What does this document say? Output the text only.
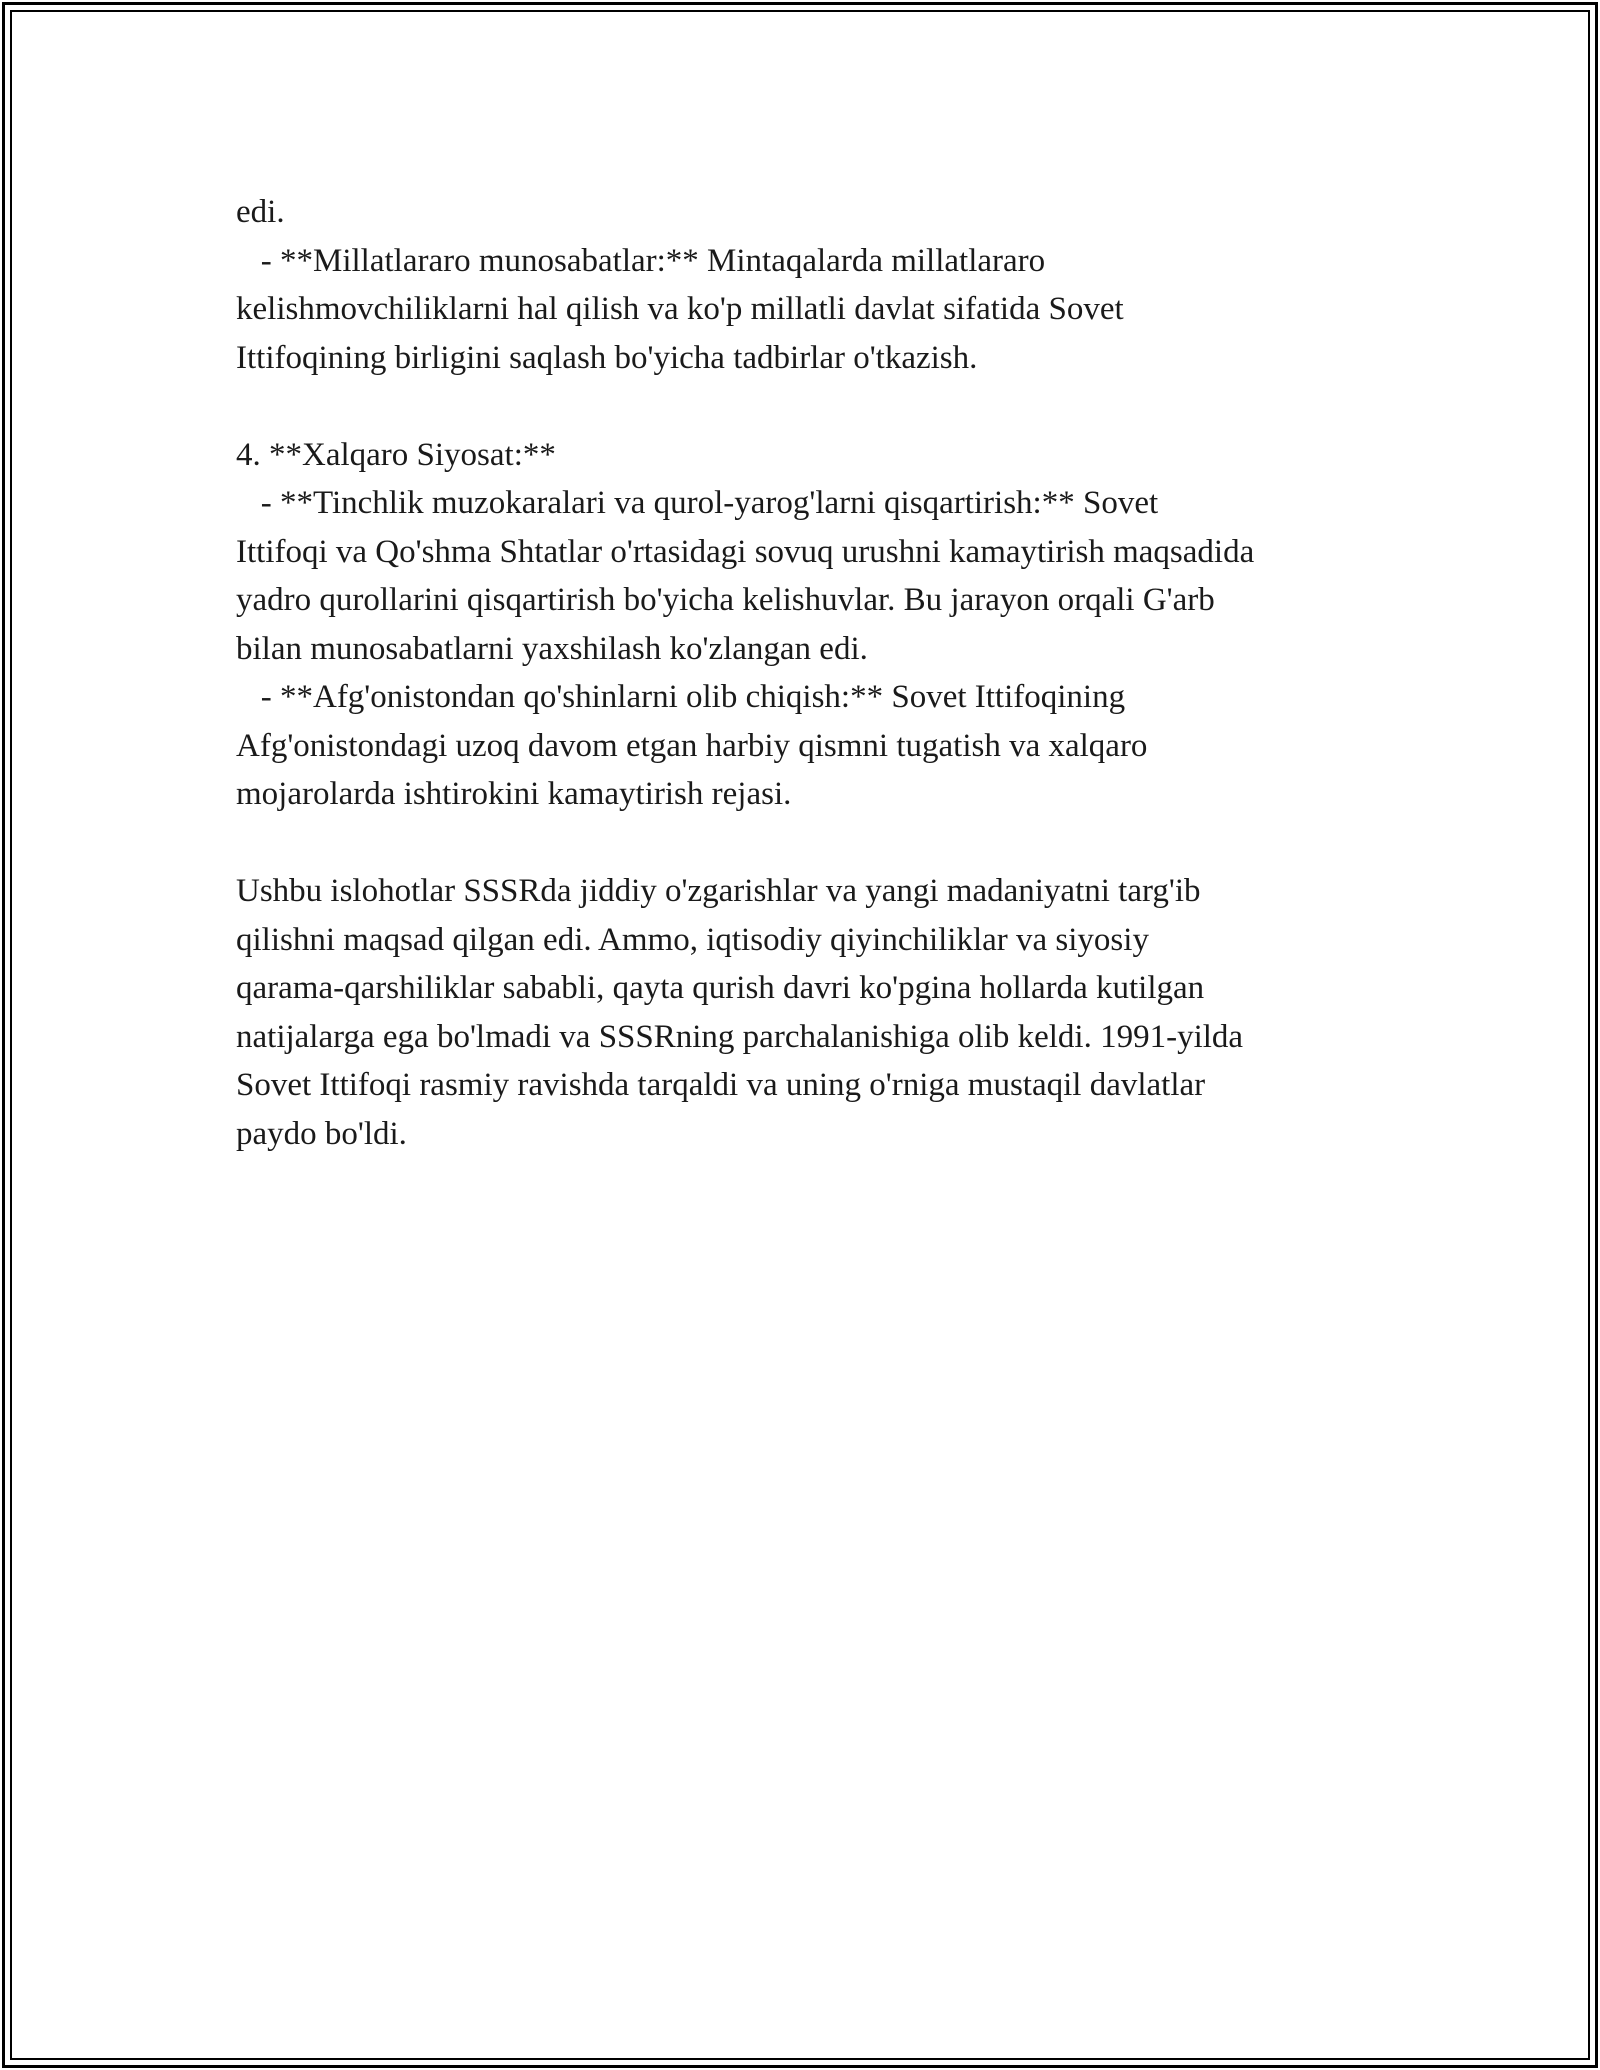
edi.
- **Millatlararo munosabatlar:** Mintaqalarda millatlararo
kelishmovchiliklarni hal qilish va ko'p millatli davlat sifatida Sovet
Ittifoqining birligini saqlash bo'yicha tadbirlar o'tkazish.
4. **Xalqaro Siyosat:**
- **Tinchlik muzokaralari va qurol-yarog'larni qisqartirish:** Sovet
Ittifoqi va Qo'shma Shtatlar o'rtasidagi sovuq urushni kamaytirish maqsadida
yadro qurollarini qisqartirish bo'yicha kelishuvlar. Bu jarayon orqali G'arb
bilan munosabatlarni yaxshilash ko'zlangan edi.
- **Afg'onistondan qo'shinlarni olib chiqish:** Sovet Ittifoqining
Afg'onistondagi uzoq davom etgan harbiy qismni tugatish va xalqaro
mojarolarda ishtirokini kamaytirish rejasi.
Ushbu islohotlar SSSRda jiddiy o'zgarishlar va yangi madaniyatni targ'ib
qilishni maqsad qilgan edi. Ammo, iqtisodiy qiyinchiliklar va siyosiy
qarama-qarshiliklar sababli, qayta qurish davri ko'pgina hollarda kutilgan
natijalarga ega bo'lmadi va SSSRning parchalanishiga olib keldi. 1991-yilda
Sovet Ittifoqi rasmiy ravishda tarqaldi va uning o'rniga mustaqil davlatlar
paydo bo'ldi.
